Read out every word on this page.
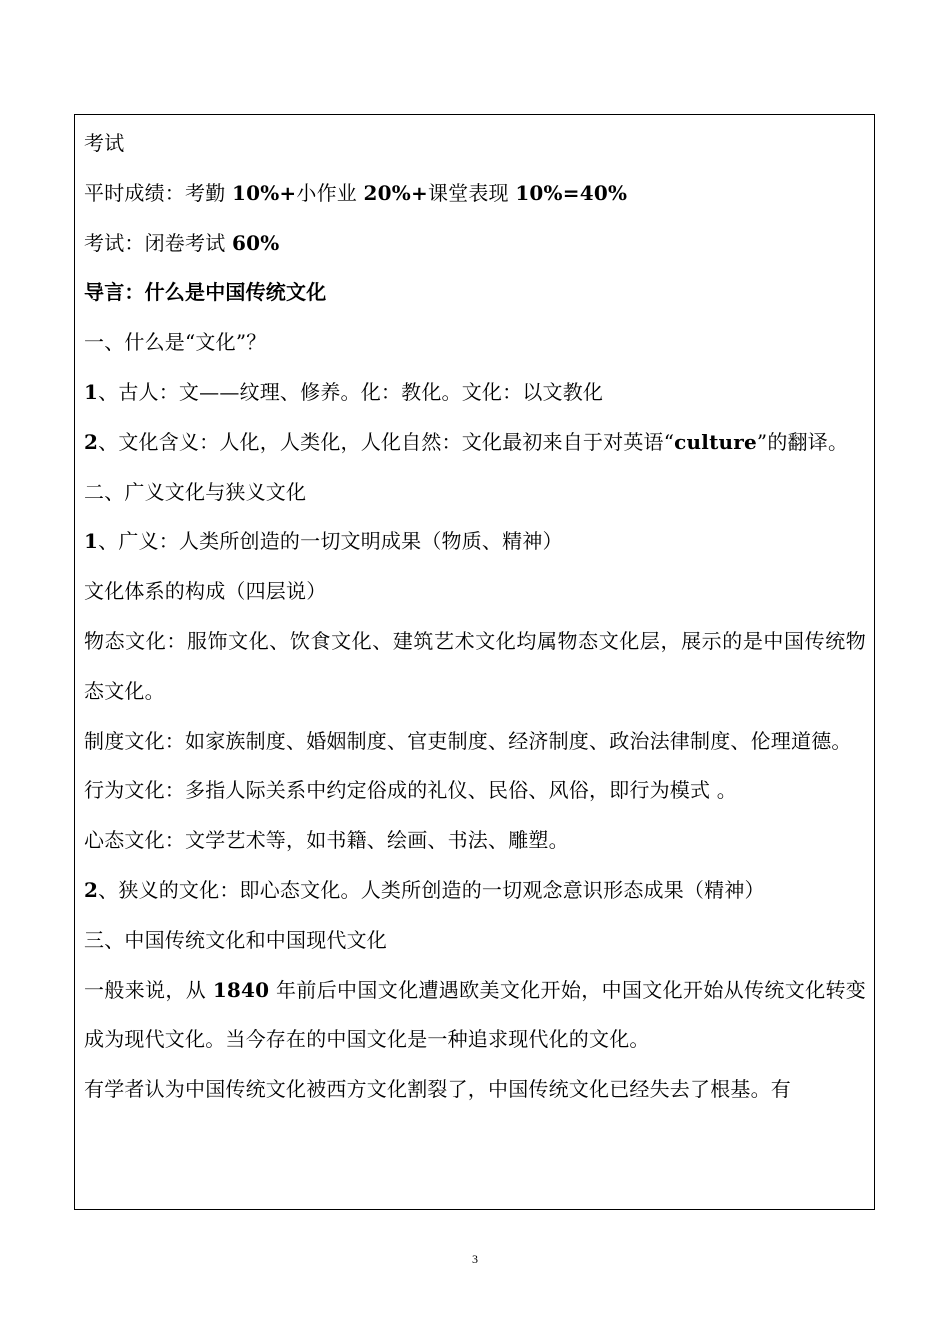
考试
平时成绩：考勤 10%+小作业 20%+课堂表现 10%=40%
考试：闭卷考试 60%
导言：什么是中国传统文化
一、什么是“文化”？
1、古人：文——纹理、修养。化：教化。文化：以文教化
2、文化含义：人化，人类化，人化自然：文化最初来自于对英语“culture”的翻译。
二、广义文化与狭义文化
1、广义：人类所创造的一切文明成果（物质、精神）
文化体系的构成（四层说）
物态文化：服饰文化、饮食文化、建筑艺术文化均属物态文化层，展示的是中国传统物态文化。
制度文化：如家族制度、婚姻制度、官吏制度、经济制度、政治法律制度、伦理道德。
行为文化：多指人际关系中约定俗成的礼仪、民俗、风俗，即行为模式 。
心态文化：文学艺术等，如书籍、绘画、书法、雕塑。
2、狭义的文化：即心态文化。人类所创造的一切观念意识形态成果（精神）
三、中国传统文化和中国现代文化
一般来说，从 1840 年前后中国文化遭遇欧美文化开始，中国文化开始从传统文化转变成为现代文化。当今存在的中国文化是一种追求现代化的文化。
有学者认为中国传统文化被西方文化割裂了，中国传统文化已经失去了根基。有
3
